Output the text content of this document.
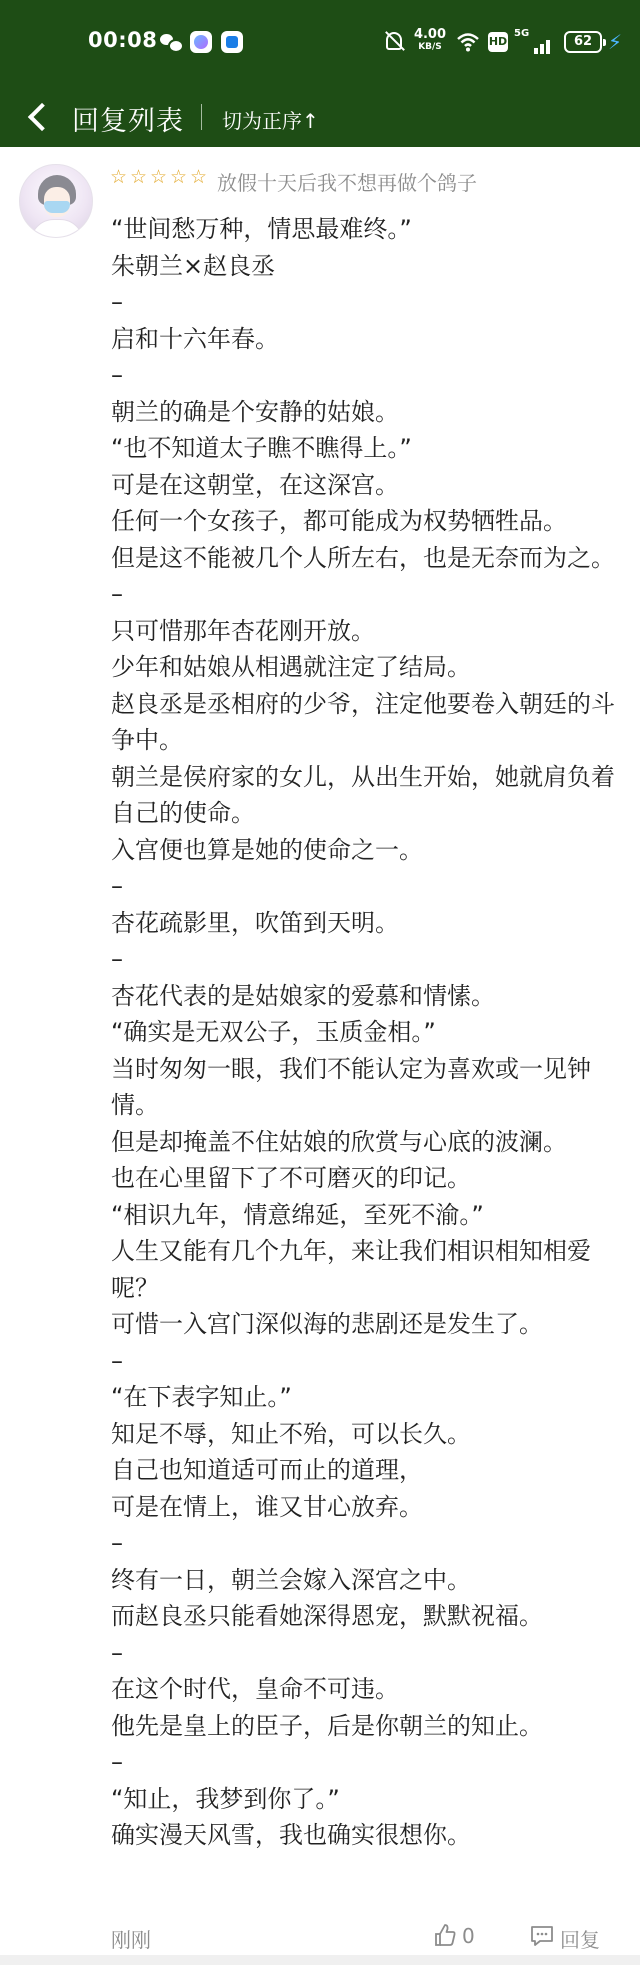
00:08	4.00
KB/S	HD
5G
62 ⚡
回复列表 切为正序↑
☆ ☆ ☆ ☆ ☆ 放假十天后我不想再做个鸽子
“世间愁万种，情思最难终。”
朱朝兰×赵良丞
–
启和十六年春。
–
朝兰的确是个安静的姑娘。
“也不知道太子瞧不瞧得上。”
可是在这朝堂，在这深宫。
任何一个女孩子，都可能成为权势牺牲品。
但是这不能被几个人所左右，也是无奈而为之。
–
只可惜那年杏花刚开放。
少年和姑娘从相遇就注定了结局。
赵良丞是丞相府的少爷，注定他要卷入朝廷的斗争中。
朝兰是侯府家的女儿，从出生开始，她就肩负着自己的使命。
入宫便也算是她的使命之一。
–
杏花疏影里，吹笛到天明。
–
杏花代表的是姑娘家的爱慕和情愫。
“确实是无双公子，玉质金相。”
当时匆匆一眼，我们不能认定为喜欢或一见钟情。
但是却掩盖不住姑娘的欣赏与心底的波澜。
也在心里留下了不可磨灭的印记。
“相识九年，情意绵延，至死不渝。”
人生又能有几个九年，来让我们相识相知相爱呢？
可惜一入宫门深似海的悲剧还是发生了。
–
“在下表字知止。”
知足不辱，知止不殆，可以长久。
自己也知道适可而止的道理，
可是在情上，谁又甘心放弃。
–
终有一日，朝兰会嫁入深宫之中。
而赵良丞只能看她深得恩宠，默默祝福。
–
在这个时代，皇命不可违。
他先是皇上的臣子，后是你朝兰的知止。
–
“知止，我梦到你了。”
确实漫天风雪，我也确实很想你。
刚刚	0	回复
